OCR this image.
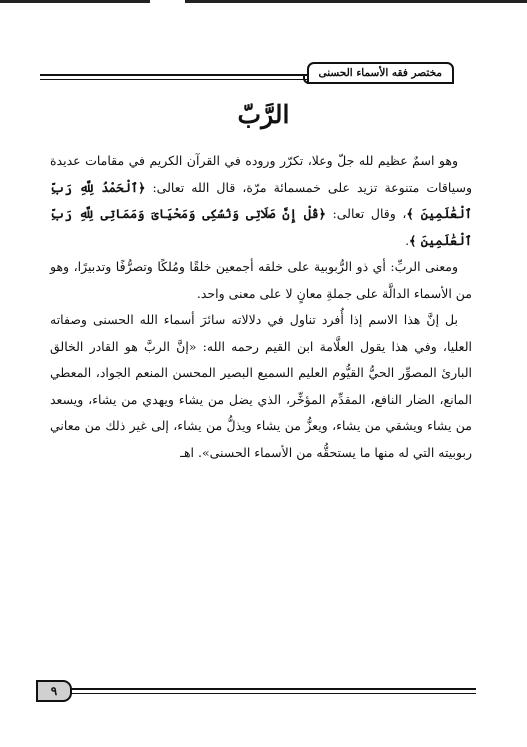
مختصر فقه الأسماء الحسنى
الرَّبّ

وهو اسمٌ عظيم لله جلّ وعلا، تكرّر وروده في القرآن الكريم في مقامات عديدة وسياقات متنوعة تزيد على خمسمائة مرّة، قال الله تعالى: ﴿ٱلْحَمْدُ لِلَّهِ رَبِّ ٱلْعَٰلَمِينَ ﴾، وقال تعالى: ﴿قُلْ إِنَّ صَلَاتِى وَنُسُكِى وَمَحْيَاىَ وَمَمَاتِى لِلَّهِ رَبِّ ٱلْعَٰلَمِينَ ﴾.

ومعنى الربِّ: أي ذو الرُّبوبية على خلقه أجمعين خلقًا ومُلكًا وتصرُّفًا وتدبيرًا، وهو من الأسماء الدالَّة على جملةِ معانٍ لا على معنى واحد.

بل إنَّ هذا الاسم إذا أُفرد تناول في دلالاته سائرَ أسماء الله الحسنى وصفاته العليا، وفي هذا يقول العلَّامة ابن القيم رحمه الله: «إنَّ الربَّ هو القادر الخالق البارئ المصوِّر الحيُّ القيُّوم العليم السميع البصير المحسن المنعم الجواد، المعطي المانع، الضار النافع، المقدِّم المؤخِّر، الذي يضل من يشاء ويهدي من يشاء، ويسعد من يشاء ويشقي من يشاء، ويعزُّ من يشاء ويذلُّ من يشاء، إلى غير ذلك من معاني ربوبيته التي له منها ما يستحقُّه من الأسماء الحسنى». اهـ

٩
